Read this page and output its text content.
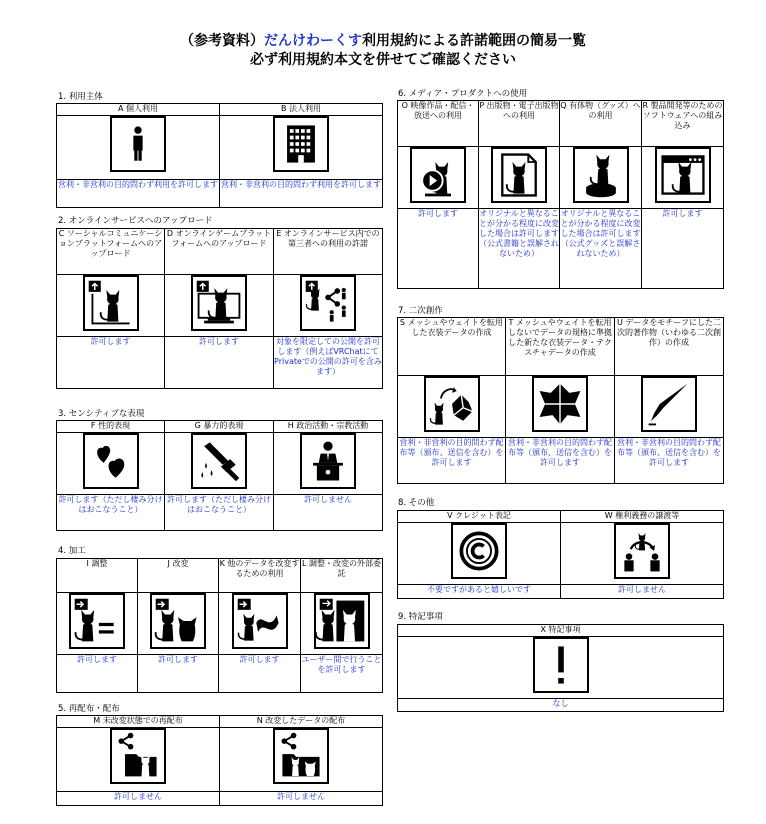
（参考資料）だんけわーくす利用規約による許諾範囲の簡易一覧
必ず利用規約本文を併せてご確認ください
1. 利用主体
A 個人利用	B 法人利用

営利・非営利の目的問わず利用を許可します	営利・非営利の目的問わず利用を許可します
2. オンラインサービスへのアップロード
C ソーシャルコミュニケーションプラットフォームへのアップロード	D オンラインゲームプラットフォームへのアップロード	E オンラインサービス内での第三者への利用の許諾

許可します	許可します	対象を限定しての公開を許可します（例えばVRChatにてPrivateでの公開の許可を含みます）
3. センシティブな表現
F 性的表現	G 暴力的表現	H 政治活動・宗教活動

許可します（ただし棲み分けはおこなうこと）	許可します（ただし棲み分けはおこなうこと）	許可しません
4. 加工
I 調整	J 改変	K 他のデータを改変するための利用	L 調整・改変の外部委託

許可します	許可します	許可します	ユーザー間で行うことを許可します
5. 再配布・配布
M 未改変状態での再配布	N 改変したデータの配布

許可しません	許可しません
6. メディア・プロダクトへの使用
O 映像作品・配信・放送への利用	P 出版物・電子出版物への利用	Q 有体物（グッズ）への利用	R 製品開発等のためのソフトウェアへの組み込み

許可します	オリジナルと異なることが分かる程度に改変した場合は許可します（公式書籍と誤解されないため）	オリジナルと異なることが分かる程度に改変した場合は許可します（公式グッズと誤解されないため）	許可します
7. 二次創作
S メッシュやウェイトを転用した衣装データの作成	T メッシュやウェイトを転用しないでデータの規格に準拠した新たな衣装データ・テクスチャデータの作成	U データをモチーフにした二次的著作物（いわゆる二次創作）の作成

営利・非営利の目的問わず配布等（頒布、送信を含む）を許可します	営利・非営利の目的問わず配布等（頒布、送信を含む）を許可します	営利・非営利の目的問わず配布等（頒布、送信を含む）を許可します
8. その他
V クレジット表記	W 権利義務の譲渡等

不要ですがあると嬉しいです	許可しません
9. 特記事項
X 特記事項

なし
